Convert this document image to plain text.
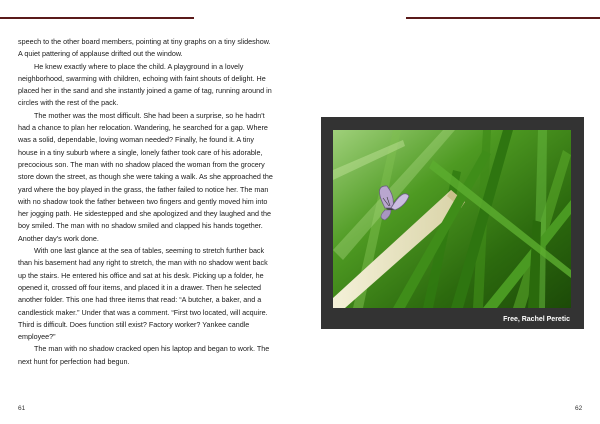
speech to the other board members, pointing at tiny graphs on a tiny slideshow. A quiet pattering of applause drifted out the window.

He knew exactly where to place the child. A playground in a lovely neighborhood, swarming with children, echoing with faint shouts of delight. He placed her in the sand and she instantly joined a game of tag, running around in circles with the rest of the pack.

The mother was the most difficult. She had been a surprise, so he hadn't had a chance to plan her relocation. Wandering, he searched for a gap. Where was a solid, dependable, loving woman needed? Finally, he found it. A tiny house in a tiny suburb where a single, lonely father took care of his adorable, precocious son. The man with no shadow placed the woman from the grocery store down the street, as though she were taking a walk. As she approached the yard where the boy played in the grass, the father failed to notice her. The man with no shadow took the father between two fingers and gently moved him into her jogging path. He sidestepped and she apologized and they laughed and the boy smiled. The man with no shadow smiled and clapped his hands together. Another day's work done.

With one last glance at the sea of tables, seeming to stretch further back than his basement had any right to stretch, the man with no shadow went back up the stairs. He entered his office and sat at his desk. Picking up a folder, he opened it, crossed off four items, and placed it in a drawer. Then he selected another folder. This one had three items that read: “A butcher, a baker, and a candlestick maker.” Under that was a comment. “First two located, will acquire. Third is difficult. Does function still exist? Factory worker? Yankee candle employee?”

The man with no shadow cracked open his laptop and began to work. The next hunt for perfection had begun.

61	62
Free, Rachel Peretic
